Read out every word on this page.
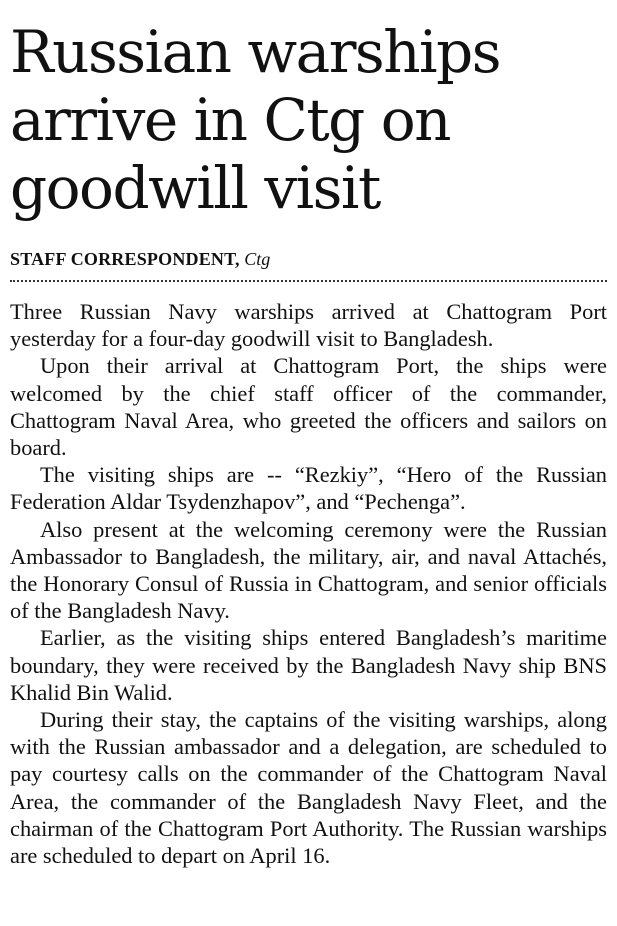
Russian warships arrive in Ctg on goodwill visit
STAFF CORRESPONDENT, Ctg

Three Russian Navy warships arrived at Chattogram Port yesterday for a four-day goodwill visit to Bangladesh.

Upon their arrival at Chattogram Port, the ships were welcomed by the chief staff officer of the commander, Chattogram Naval Area, who greeted the officers and sailors on board.

The visiting ships are -- “Rezkiy”, “Hero of the Russian Federation Aldar Tsydenzhapov”, and “Pechenga”.

Also present at the welcoming ceremony were the Russian Ambassador to Bangladesh, the military, air, and naval Attachés, the Honorary Consul of Russia in Chattogram, and senior officials of the Bangladesh Navy.

Earlier, as the visiting ships entered Bangladesh’s maritime boundary, they were received by the Bangladesh Navy ship BNS Khalid Bin Walid.

During their stay, the captains of the visiting warships, along with the Russian ambassador and a delegation, are scheduled to pay courtesy calls on the commander of the Chattogram Naval Area, the commander of the Bangladesh Navy Fleet, and the chairman of the Chattogram Port Authority. The Russian warships are scheduled to depart on April 16.
